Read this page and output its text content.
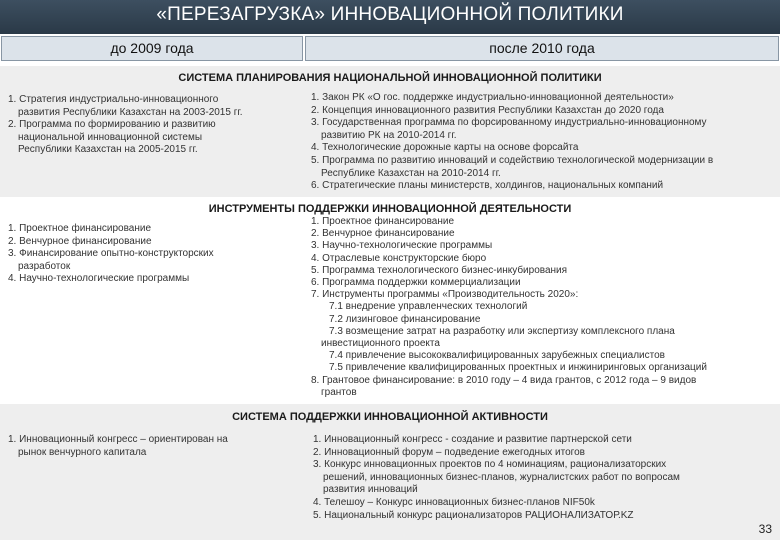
«ПЕРЕЗАГРУЗКА» ИННОВАЦИОННОЙ ПОЛИТИКИ
до 2009 года	после 2010 года
СИСТЕМА ПЛАНИРОВАНИЯ НАЦИОНАЛЬНОЙ ИННОВАЦИОННОЙ ПОЛИТИКИ
1. Стратегия индустриально-инновационного
развития Республики Казахстан на 2003-2015 гг.
2. Программа по формированию и развитию
национальной инновационной системы
Республики Казахстан на 2005-2015 гг.
1. Закон РК «О гос. поддержке индустриально-инновационной деятельности»
2. Концепция инновационного развития Республики Казахстан до 2020 года
3. Государственная программа по форсированному индустриально-инновационному
развитию РК на 2010-2014 гг.
4. Технологические дорожные карты на основе форсайта
5. Программа по развитию инноваций и содействию технологической модернизации в
Республике Казахстан на 2010-2014 гг.
6. Стратегические планы министерств, холдингов, национальных компаний
ИНСТРУМЕНТЫ ПОДДЕРЖКИ ИННОВАЦИОННОЙ ДЕЯТЕЛЬНОСТИ
1. Проектное финансирование
2. Венчурное финансирование
3. Финансирование опытно-конструкторских
разработок
4. Научно-технологические программы
1. Проектное финансирование
2. Венчурное финансирование
3. Научно-технологические программы
4. Отраслевые конструкторские бюро
5. Программа технологического бизнес-инкубирования
6. Программа поддержки коммерциализации
7. Инструменты программы «Производительность 2020»:
7.1 внедрение управленческих технологий
7.2 лизинговое финансирование
7.3 возмещение затрат на разработку или экспертизу комплексного плана
инвестиционного проекта
7.4 привлечение высококвалифицированных зарубежных специалистов
7.5 привлечение квалифицированных проектных и инжиниринговых организаций
8. Грантовое финансирование: в 2010 году – 4 вида грантов, с 2012 года – 9 видов
грантов
СИСТЕМА ПОДДЕРЖКИ ИННОВАЦИОННОЙ АКТИВНОСТИ
1. Инновационный конгресс – ориентирован на
рынок венчурного капитала
1. Инновационный конгресс - создание и развитие партнерской сети
2. Инновационный форум – подведение ежегодных итогов
3. Конкурс инновационных проектов по 4 номинациям, рационализаторских
решений, инновационных бизнес-планов, журналистских работ по вопросам
развития инноваций
4. Телешоу – Конкурс инновационных бизнес-планов NIF50k
5. Национальный конкурс рационализаторов РАЦИОНАЛИЗАТОР.KZ
33
